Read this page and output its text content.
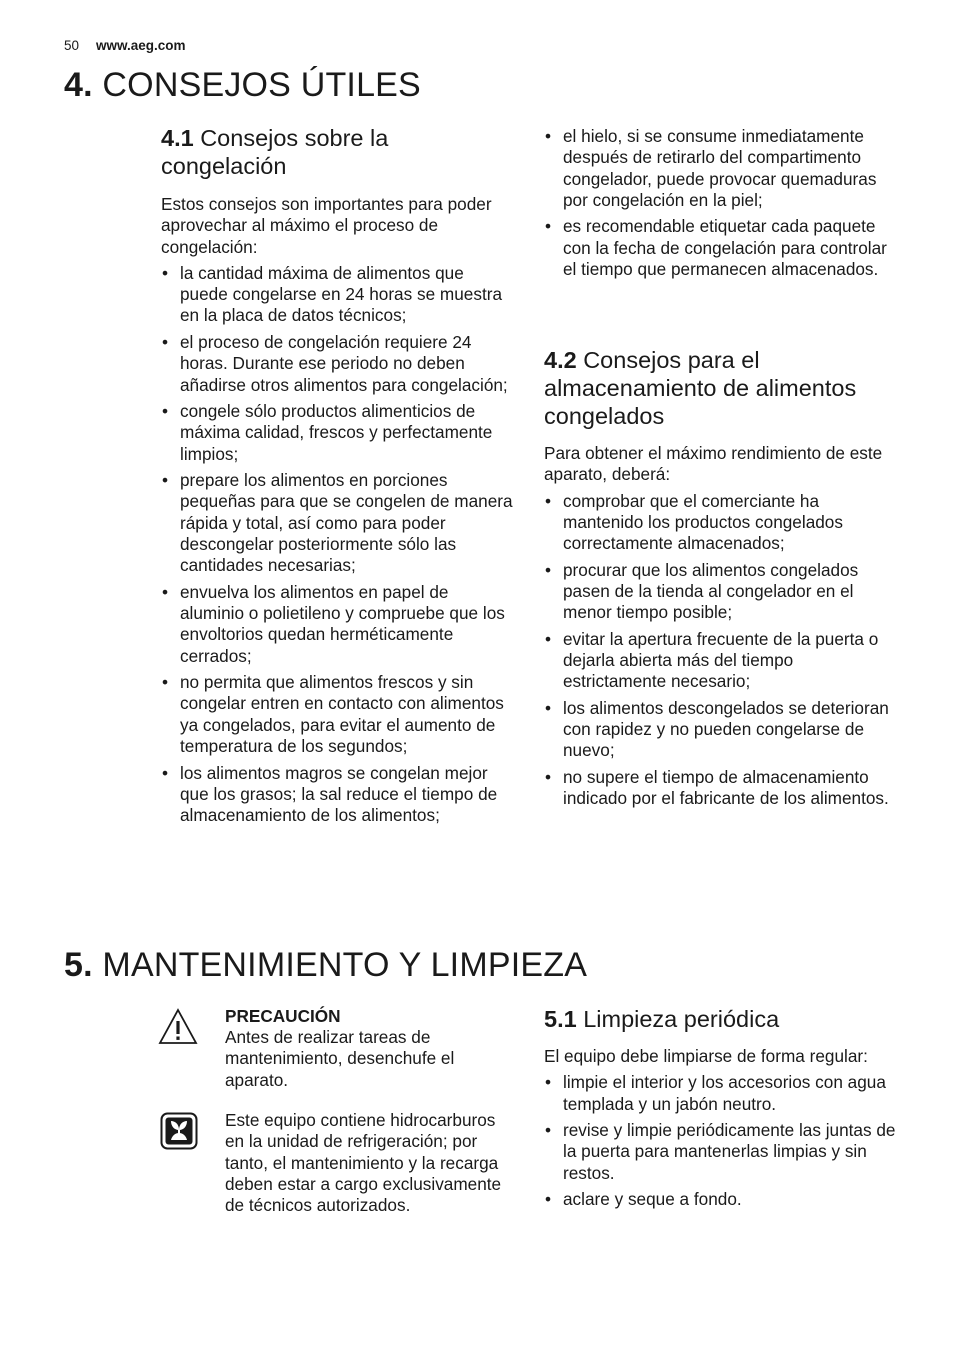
50 www.aeg.com
4. CONSEJOS ÚTILES
4.1 Consejos sobre la congelación
Estos consejos son importantes para poder aprovechar al máximo el proceso de congelación:
• la cantidad máxima de alimentos que puede congelarse en 24 horas se muestra en la placa de datos técnicos;
• el proceso de congelación requiere 24 horas. Durante ese periodo no deben añadirse otros alimentos para congelación;
• congele sólo productos alimenticios de máxima calidad, frescos y perfectamente limpios;
• prepare los alimentos en porciones pequeñas para que se congelen de manera rápida y total, así como para poder descongelar posteriormente sólo las cantidades necesarias;
• envuelva los alimentos en papel de aluminio o polietileno y compruebe que los envoltorios quedan herméticamente cerrados;
• no permita que alimentos frescos y sin congelar entren en contacto con alimentos ya congelados, para evitar el aumento de temperatura de los segundos;
• los alimentos magros se congelan mejor que los grasos; la sal reduce el tiempo de almacenamiento de los alimentos;
• el hielo, si se consume inmediatamente después de retirarlo del compartimento congelador, puede provocar quemaduras por congelación en la piel;
• es recomendable etiquetar cada paquete con la fecha de congelación para controlar el tiempo que permanecen almacenados.
4.2 Consejos para el almacenamiento de alimentos congelados
Para obtener el máximo rendimiento de este aparato, deberá:
• comprobar que el comerciante ha mantenido los productos congelados correctamente almacenados;
• procurar que los alimentos congelados pasen de la tienda al congelador en el menor tiempo posible;
• evitar la apertura frecuente de la puerta o dejarla abierta más del tiempo estrictamente necesario;
• los alimentos descongelados se deterioran con rapidez y no pueden congelarse de nuevo;
• no supere el tiempo de almacenamiento indicado por el fabricante de los alimentos.
5. MANTENIMIENTO Y LIMPIEZA
PRECAUCIÓN
Antes de realizar tareas de mantenimiento, desenchufe el aparato.
Este equipo contiene hidrocarburos en la unidad de refrigeración; por tanto, el mantenimiento y la recarga deben estar a cargo exclusivamente de técnicos autorizados.
5.1 Limpieza periódica
El equipo debe limpiarse de forma regular:
• limpie el interior y los accesorios con agua templada y un jabón neutro.
• revise y limpie periódicamente las juntas de la puerta para mantenerlas limpias y sin restos.
• aclare y seque a fondo.
